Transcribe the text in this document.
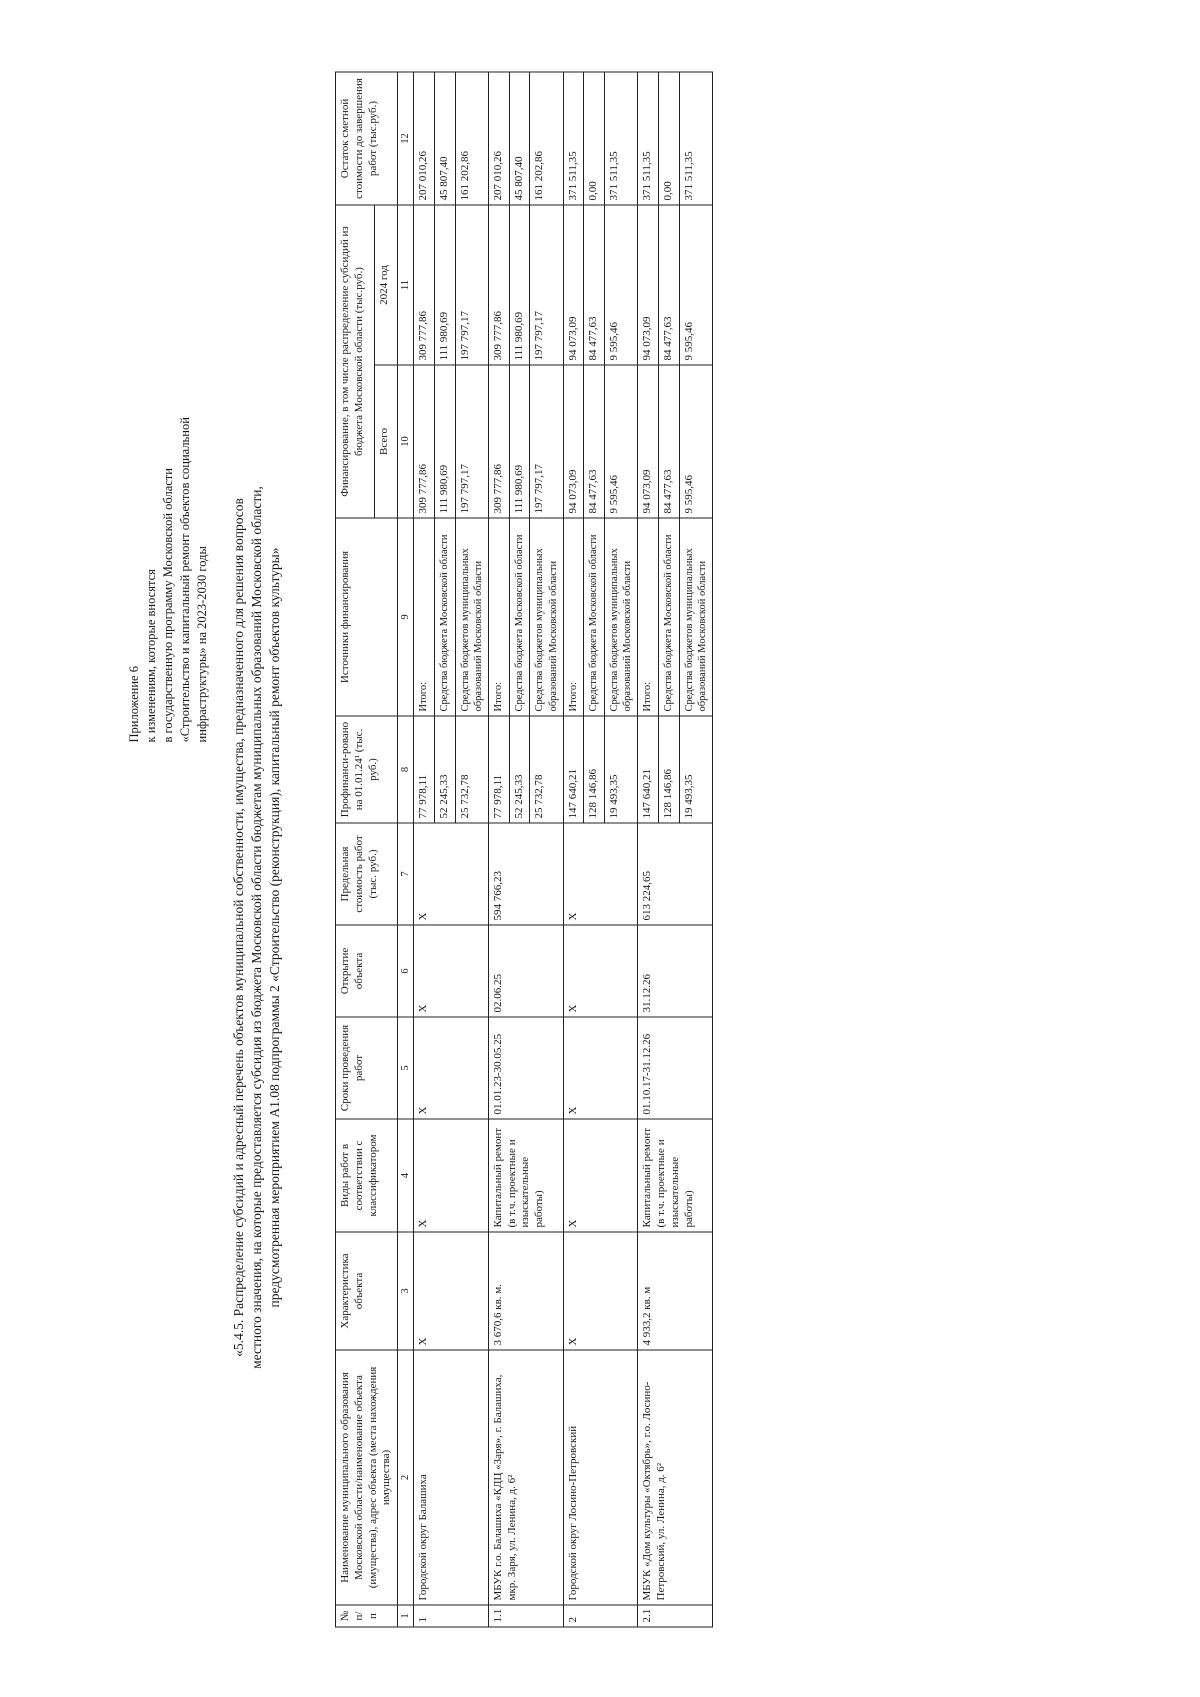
Приложение 6 к изменениям, которые вносятся в государственную программу Московской области «Строительство и капитальный ремонт объектов социальной инфраструктуры» на 2023-2030 годы «5.4.5. Распределение субсидий и адресный перечень объектов муниципальной собственности, имущества, предназначенного для решения вопросов местного значения, на которые предоставляется субсидия из бюджета Московской области бюджетам муниципальных образований Московской области, предусмотренная мероприятием A1.08 подпрограммы 2 «Строительство (реконструкция), капитальный ремонт объектов культуры»
№ п/п	Наименование муниципального образования Московской области/наименование объекта (имущества), адрес объекта (места нахождения имущества)	Характеристика объекта	Виды работ в соответствии с классификатором	Сроки проведения работ	Открытие объекта	Предельная стоимость работ (тыс. руб.)	Профинанси-ровано на 01.01.24¹ (тыс. руб.)	Источники финансирования	Финансирование, в том числе распределение субсидий из бюджета Московской области (тыс.руб.)		Остаток сметной стоимости до завершения работ (тыс.руб.)
									Всего	2024 год	
1	2	3	4	5	6	7	8	9	10	11	12
1	Городской округ Балашиха	X	X	X	X	X	77 978,11	Итого:	309 777,86	309 777,86	207 010,26
							52 245,33	Средства бюджета Московской области	111 980,69	111 980,69	45 807,40
							25 732,78	Средства бюджетов муниципальных образований Московской области	197 797,17	197 797,17	161 202,86
1.1	МБУК г.о. Балашиха «КДЦ «Заря», г. Балашиха, мкр. Заря, ул. Ленина, д. 6²	3 670,6 кв. м.	Капитальный ремонт (в т.ч. проектные и изыскательные работы)	01.01.23-30.05.25	02.06.25	594 766,23	77 978,11	Итого:	309 777,86	309 777,86	207 010,26
							52 245,33	Средства бюджета Московской области	111 980,69	111 980,69	45 807,40
							25 732,78	Средства бюджетов муниципальных образований Московской области	197 797,17	197 797,17	161 202,86
2	Городской округ Лосино-Петровский	X	X	X	X	X	147 640,21	Итого:	94 073,09	94 073,09	371 511,35
							128 146,86	Средства бюджета Московской области	84 477,63	84 477,63	0,00
							19 493,35	Средства бюджетов муниципальных образований Московской области	9 595,46	9 595,46	371 511,35
2.1	МБУК «Дом культуры «Октябрь», г.о. Лосино-Петровский, ул. Ленина, д. 6²	4 933,2 кв. м	Капитальный ремонт (в т.ч. проектные и изыскательные работы)	01.10.17-31.12.26	31.12.26	613 224,65	147 640,21	Итого:	94 073,09	94 073,09	371 511,35
							128 146,86	Средства бюджета Московской области	84 477,63	84 477,63	0,00
							19 493,35	Средства бюджетов муниципальных образований Московской области	9 595,46	9 595,46	371 511,35
